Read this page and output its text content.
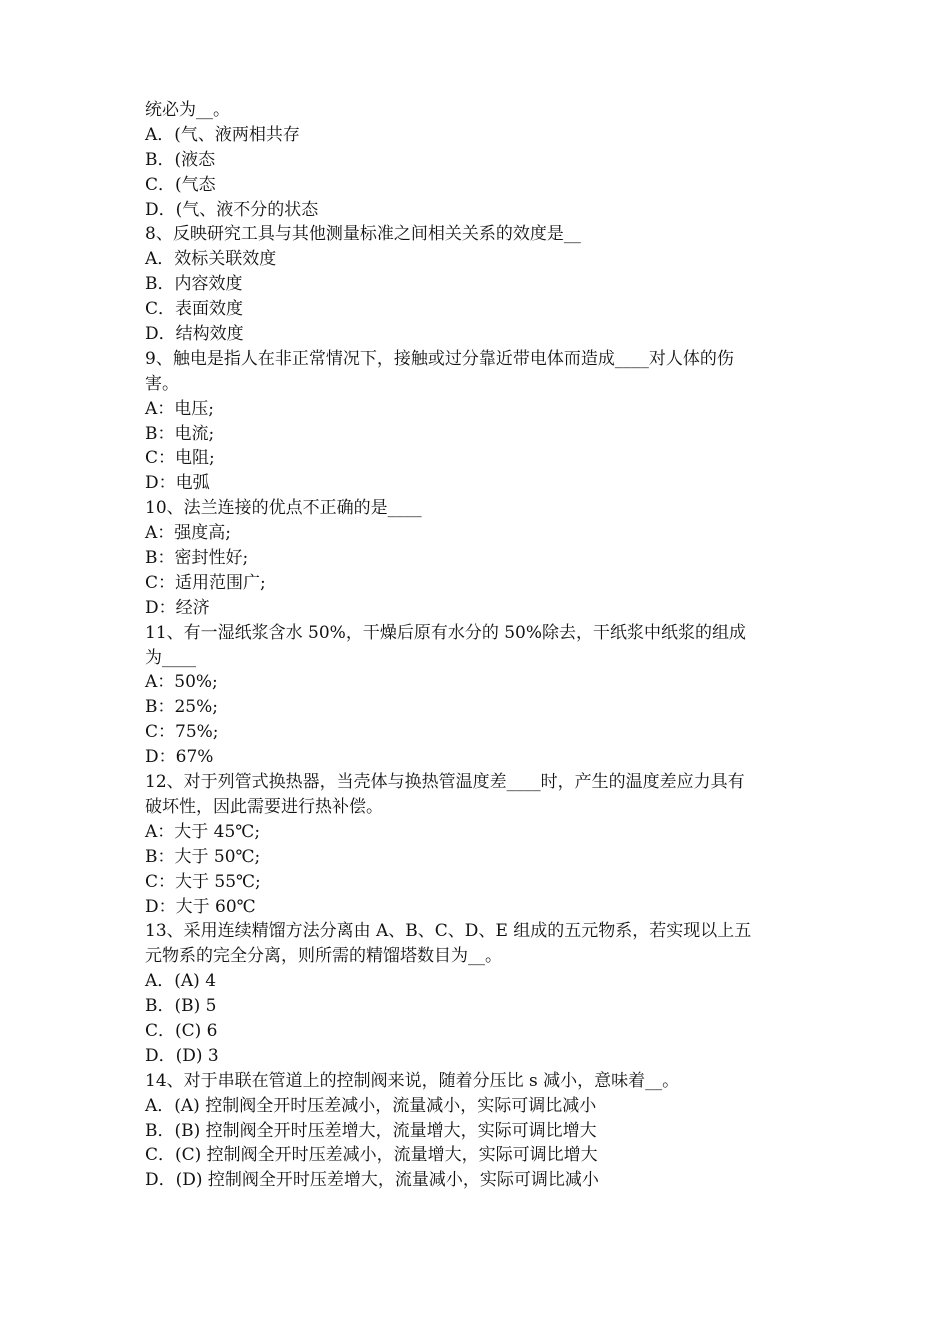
统必为__。
A．(气、液两相共存
B．(液态
C．(气态
D．(气、液不分的状态
8、反映研究工具与其他测量标准之间相关关系的效度是__
A．效标关联效度
B．内容效度
C．表面效度
D．结构效度
9、触电是指人在非正常情况下，接触或过分靠近带电体而造成____对人体的伤
害。
A：电压;
B：电流;
C：电阻;
D：电弧
10、法兰连接的优点不正确的是____
A：强度高;
B：密封性好;
C：适用范围广;
D：经济
11、有一湿纸浆含水 50%，干燥后原有水分的 50%除去，干纸浆中纸浆的组成
为____
A：50%;
B：25%;
C：75%;
D：67%
12、对于列管式换热器，当壳体与换热管温度差____时，产生的温度差应力具有
破坏性，因此需要进行热补偿。
A：大于 45℃;
B：大于 50℃;
C：大于 55℃;
D：大于 60℃
13、采用连续精馏方法分离由 A、B、C、D、E 组成的五元物系，若实现以上五
元物系的完全分离，则所需的精馏塔数目为__。
A．(A) 4
B．(B) 5
C．(C) 6
D．(D) 3
14、对于串联在管道上的控制阀来说，随着分压比 s 减小，意味着__。
A．(A) 控制阀全开时压差减小，流量减小，实际可调比减小
B．(B) 控制阀全开时压差增大，流量增大，实际可调比增大
C．(C) 控制阀全开时压差减小，流量增大，实际可调比增大
D．(D) 控制阀全开时压差增大，流量减小，实际可调比减小
